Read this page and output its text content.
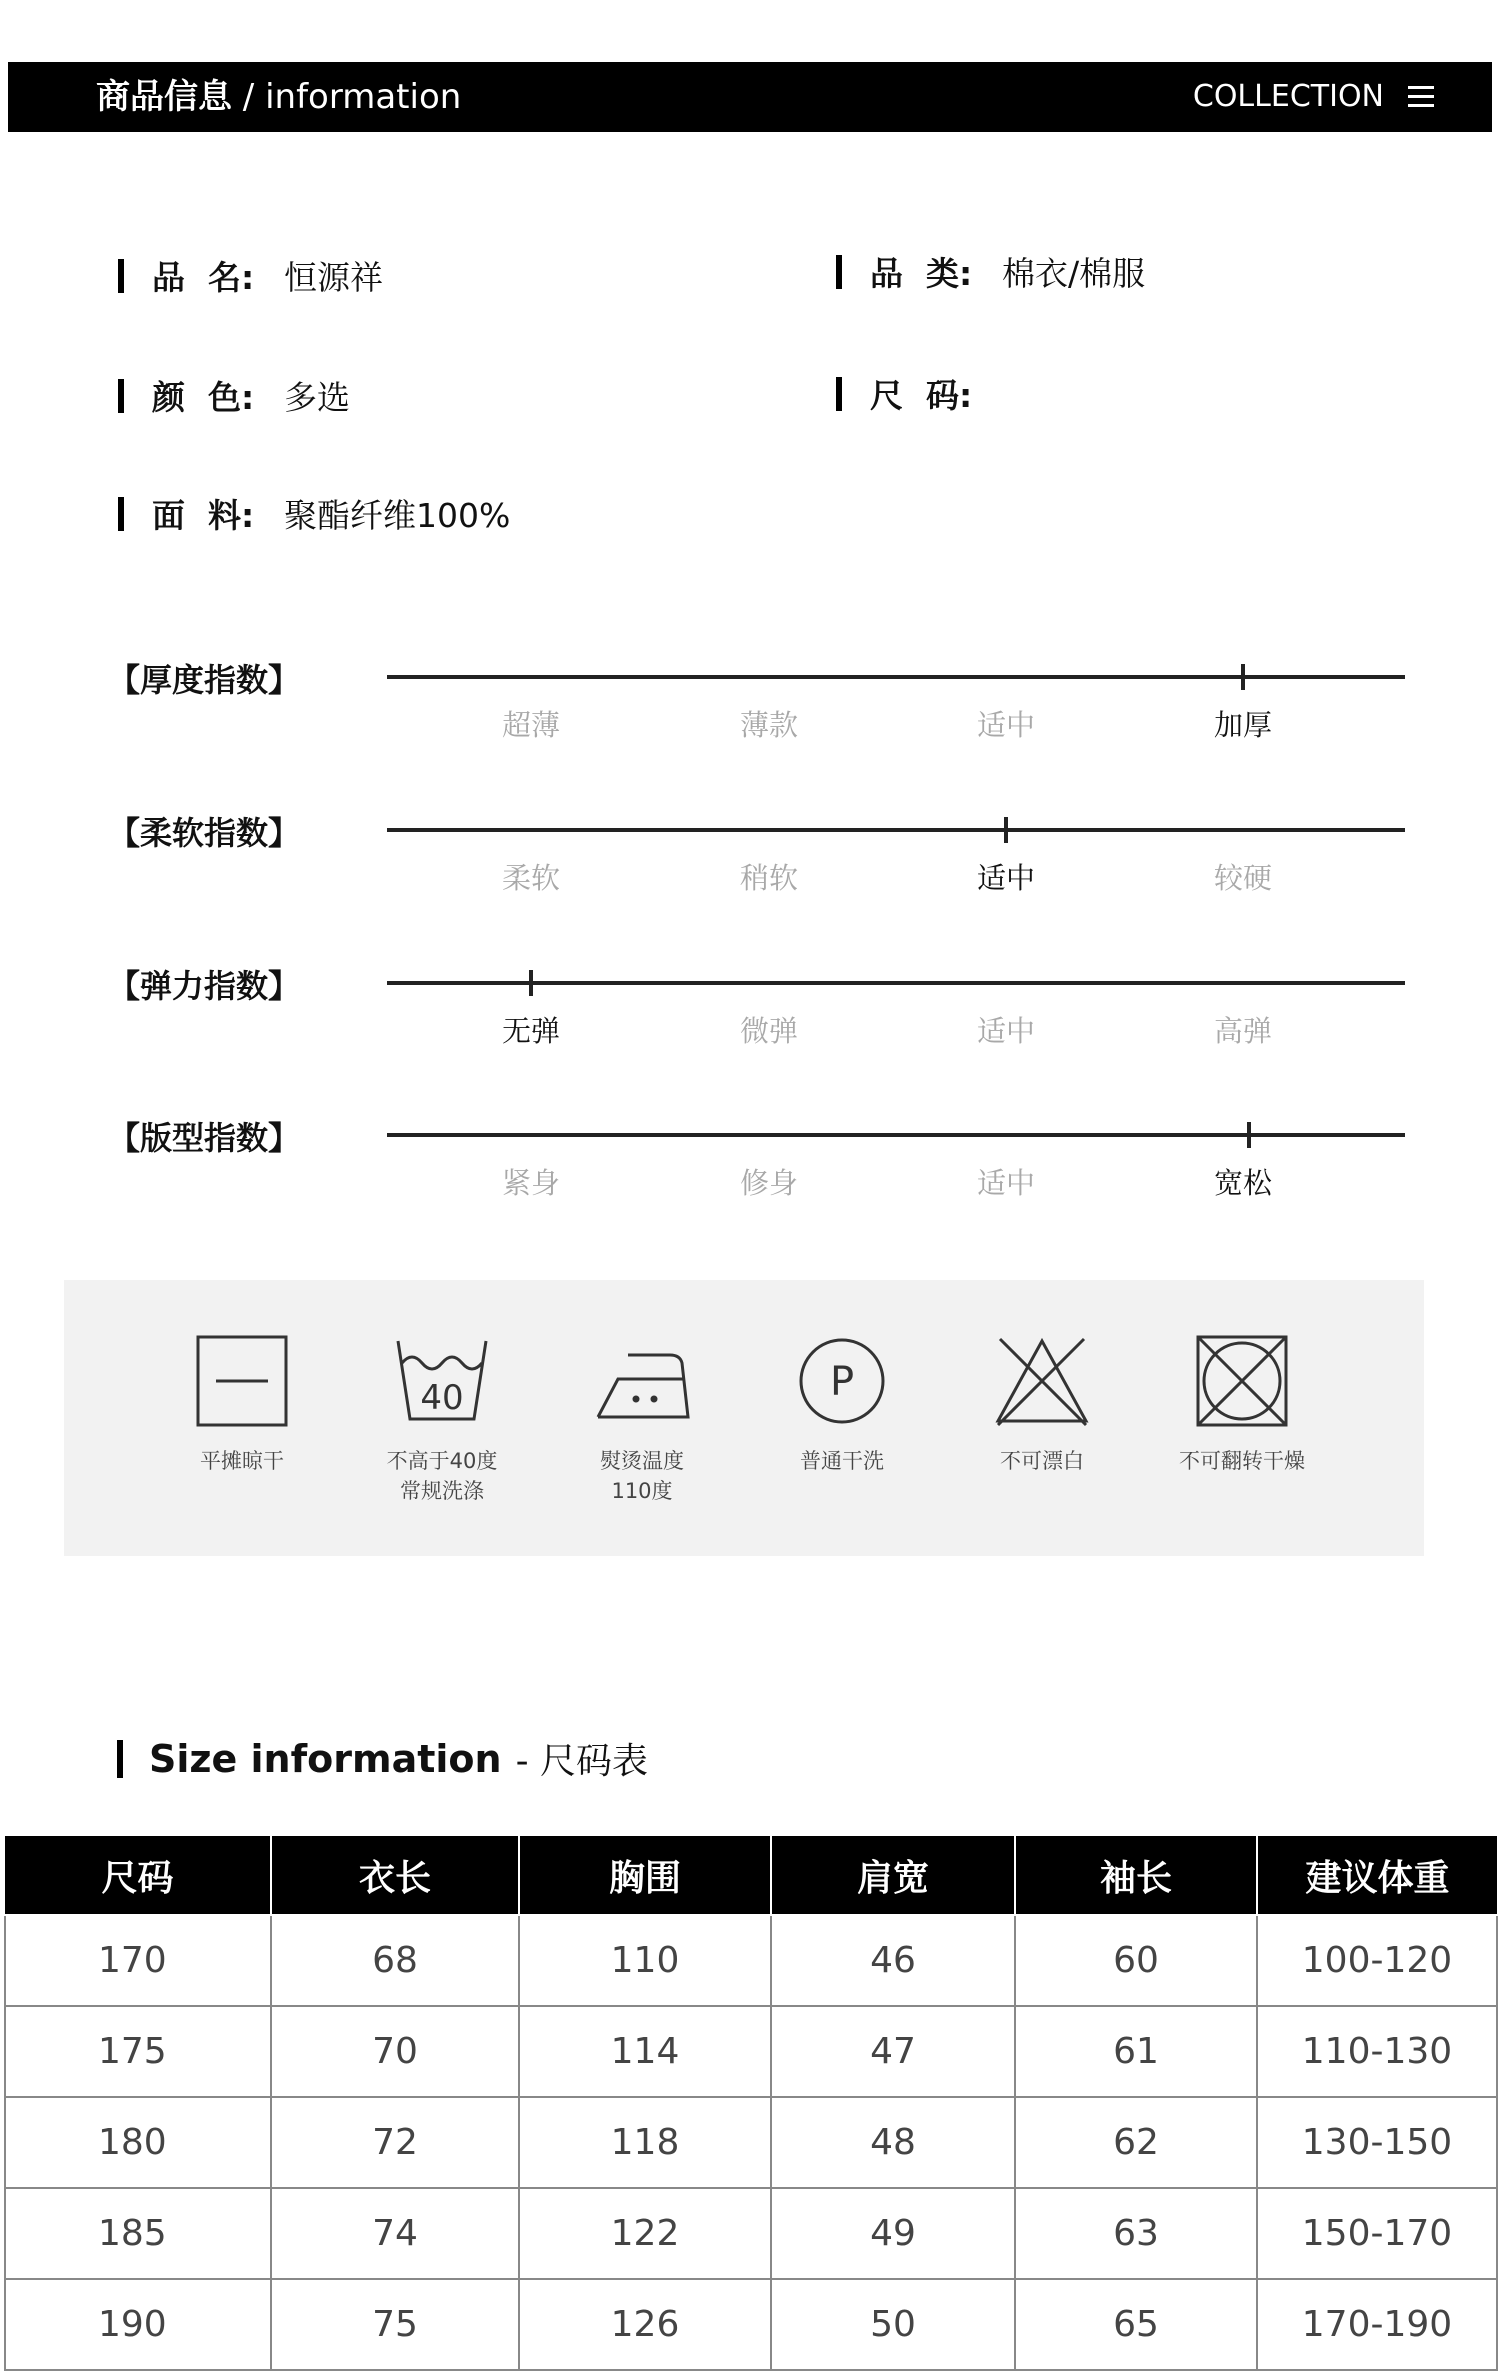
商品信息 / information	COLLECTION
品  名: 恒源祥	品  类: 棉衣/棉服
颜  色: 多选	尺  码:
面  料: 聚酯纤维100%
【厚度指数】
超薄	薄款	适中	加厚
【柔软指数】
柔软	稍软	适中	较硬
【弹力指数】
无弹	微弹	适中	高弹
【版型指数】
紧身	修身	适中	宽松
平摊晾干
40
不高于40度
常规洗涤
熨烫温度
110度
P
普通干洗	不可漂白	不可翻转干燥
Size information - 尺码表
尺码	衣长	胸围	肩宽	袖长	建议体重
170	68	110	46	60	100-120
175	70	114	47	61	110-130
180	72	118	48	62	130-150
185	74	122	49	63	150-170
190	75	126	50	65	170-190
